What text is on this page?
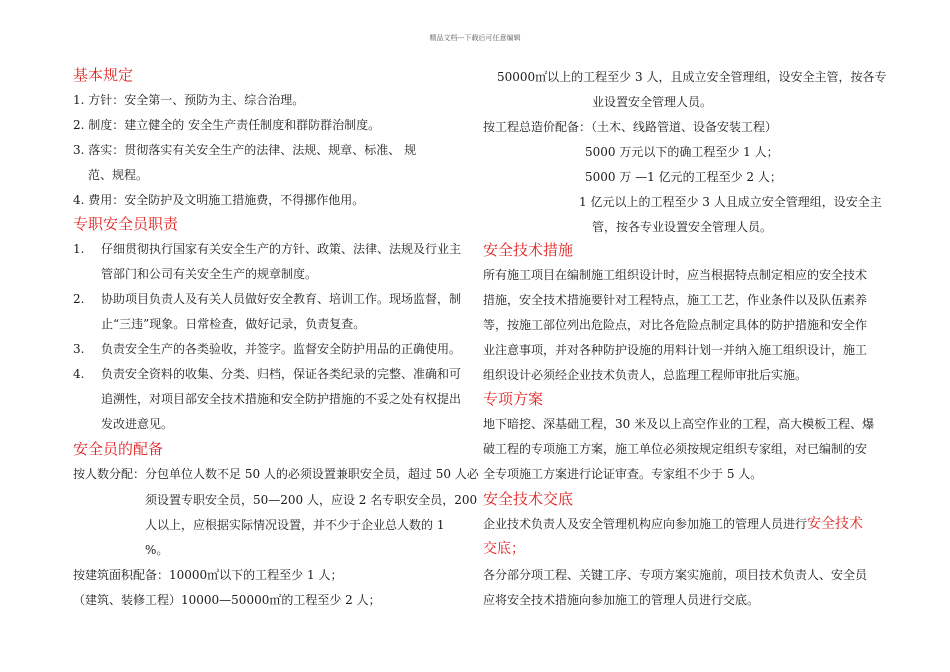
精品文档---下载后可任意编辑
基本规定
1. 方针：安全第一、预防为主、综合治理。
2. 制度：建立健全的 安全生产责任制度和群防群治制度。
3. 落实：贯彻落实有关安全生产的法律、法规、规章、标准、 规
范、规程。
4. 费用：安全防护及文明施工措施费，不得挪作他用。
专职安全员职责
1. 仔细贯彻执行国家有关安全生产的方针、政策、法律、法规及行业主
管部门和公司有关安全生产的规章制度。
2. 协助项目负责人及有关人员做好安全教育、培训工作。现场监督，制
止“三违”现象。日常检查，做好记录，负责复查。
3. 负责安全生产的各类验收，并签字。监督安全防护用品的正确使用。
4. 负责安全资料的收集、分类、归档，保证各类纪录的完整、准确和可
追溯性，对项目部安全技术措施和安全防护措施的不妥之处有权提出
发改进意见。
安全员的配备
按人数分配：分包单位人数不足 50 人的必须设置兼职安全员，超过 50 人必
须设置专职安全员，50—200 人，应设 2 名专职安全员，200
人以上，应根据实际情况设置，并不少于企业总人数的 1
%。
按建筑面积配备：10000㎡以下的工程至少 1 人；
（建筑、装修工程）10000—50000㎡的工程至少 2 人；
50000㎡以上的工程至少 3 人，且成立安全管理组，设安全主管，按各专
业设置安全管理人员。
按工程总造价配备：（土木、线路管道、设备安装工程）
5000 万元以下的确工程至少 1 人；
5000 万 —1 亿元的工程至少 2 人；
1 亿元以上的工程至少 3 人且成立安全管理组，设安全主
管，按各专业设置安全管理人员。
安全技术措施
所有施工项目在编制施工组织设计时，应当根据特点制定相应的安全技术
措施，安全技术措施要针对工程特点，施工工艺，作业条件以及队伍素养
等，按施工部位列出危险点，对比各危险点制定具体的防护措施和安全作
业注意事项，并对各种防护设施的用料计划一并纳入施工组织设计，施工
组织设计必须经企业技术负责人，总监理工程师审批后实施。
专项方案
地下暗挖、深基础工程，30 米及以上高空作业的工程，高大模板工程、爆
破工程的专项施工方案，施工单位必须按规定组织专家组，对已编制的安
全专项施工方案进行论证审查。专家组不少于 5 人。
安全技术交底
企业技术负责人及安全管理机构应向参加施工的管理人员进行安全技术
交底；
各分部分项工程、关键工序、专项方案实施前，项目技术负责人、安全员
应将安全技术措施向参加施工的管理人员进行交底。
